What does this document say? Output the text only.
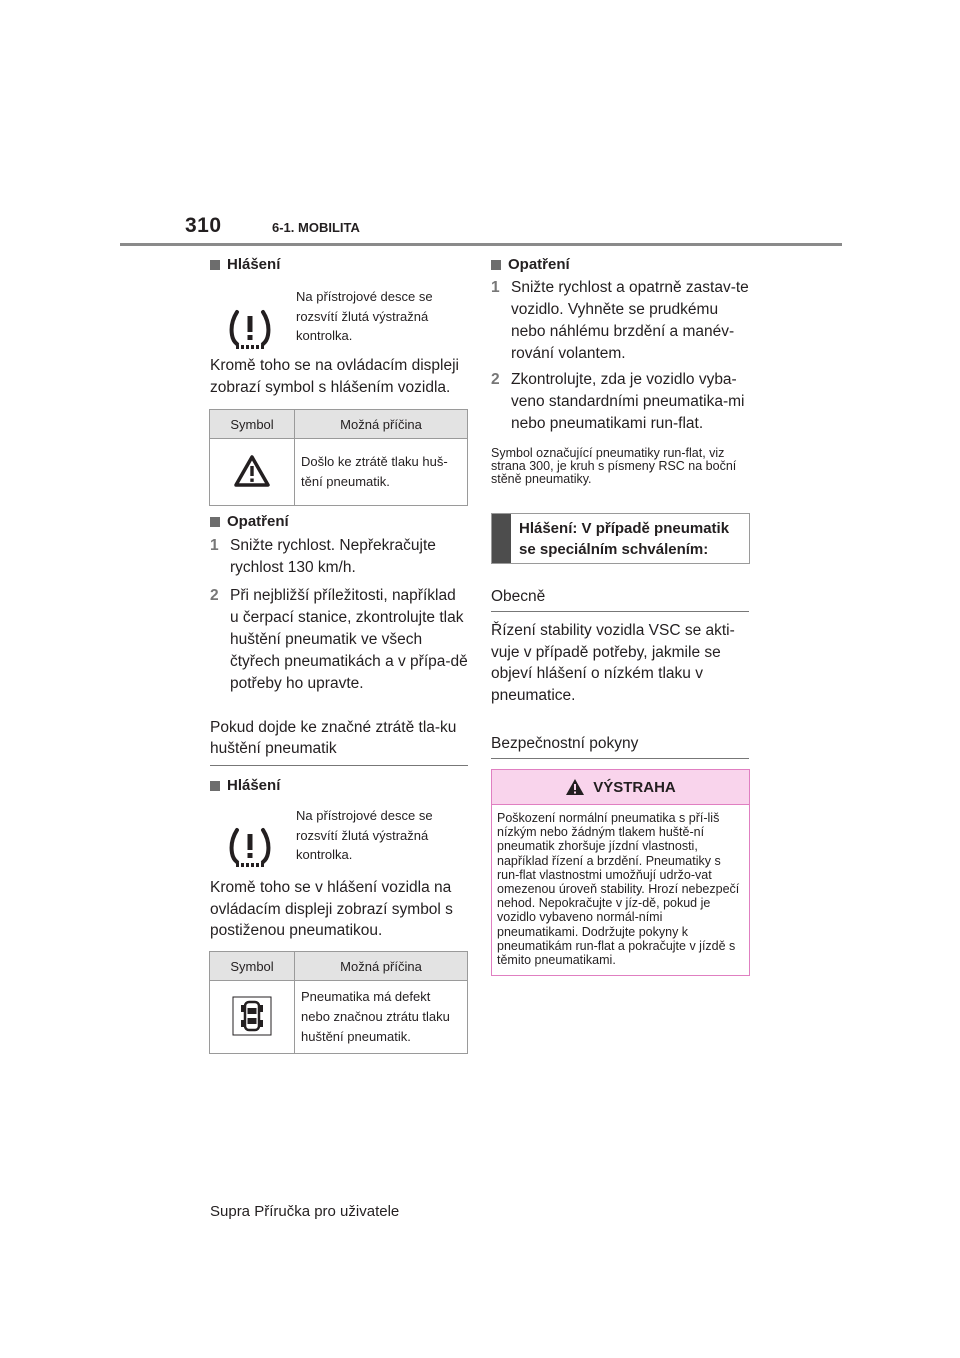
310	6-1. MOBILITA
Hlášení
Na přístrojové desce se rozsvítí žlutá výstražná kontrolka.
Kromě toho se na ovládacím displeji zobrazí symbol s hlášením vozidla.
Symbol	Možná příčina
	Došlo ke ztrátě tlaku huš-tění pneumatik.
Opatření
1 Snižte rychlost. Nepřekračujte rychlost 130 km/h.
2 Při nejbližší příležitosti, například u čerpací stanice, zkontrolujte tlak huštění pneumatik ve všech čtyřech pneumatikách a v přípa-dě potřeby ho upravte.
Pokud dojde ke značné ztrátě tla-ku huštění pneumatik
Hlášení
Na přístrojové desce se rozsvítí žlutá výstražná kontrolka.
Kromě toho se v hlášení vozidla na ovládacím displeji zobrazí symbol s postiženou pneumatikou.
Symbol	Možná příčina
	Pneumatika má defekt nebo značnou ztrátu tlaku huštění pneumatik.
Opatření
1 Snižte rychlost a opatrně zastav-te vozidlo. Vyhněte se prudkému nebo náhlému brzdění a manév-rování volantem.
2 Zkontrolujte, zda je vozidlo vyba-veno standardními pneumatika-mi nebo pneumatikami run-flat.
Symbol označující pneumatiky run-flat, viz strana 300, je kruh s písmeny RSC na boční stěně pneumatiky.
Hlášení: V případě pneumatik se speciálním schválením:
Obecně
Řízení stability vozidla VSC se akti-vuje v případě potřeby, jakmile se objeví hlášení o nízkém tlaku v pneumatice.
Bezpečnostní pokyny
VÝSTRAHA
Poškození normální pneumatika s pří-liš nízkým nebo žádným tlakem huště-ní pneumatik zhoršuje jízdní vlastnosti, například řízení a brzdění. Pneumatiky s run-flat vlastnostmi umožňují udržo-vat omezenou úroveň stability. Hrozí nebezpečí nehod. Nepokračujte v jíz-dě, pokud je vozidlo vybaveno normál-ními pneumatikami. Dodržujte pokyny k pneumatikám run-flat a pokračujte v jízdě s těmito pneumatikami.
Supra Příručka pro uživatele
